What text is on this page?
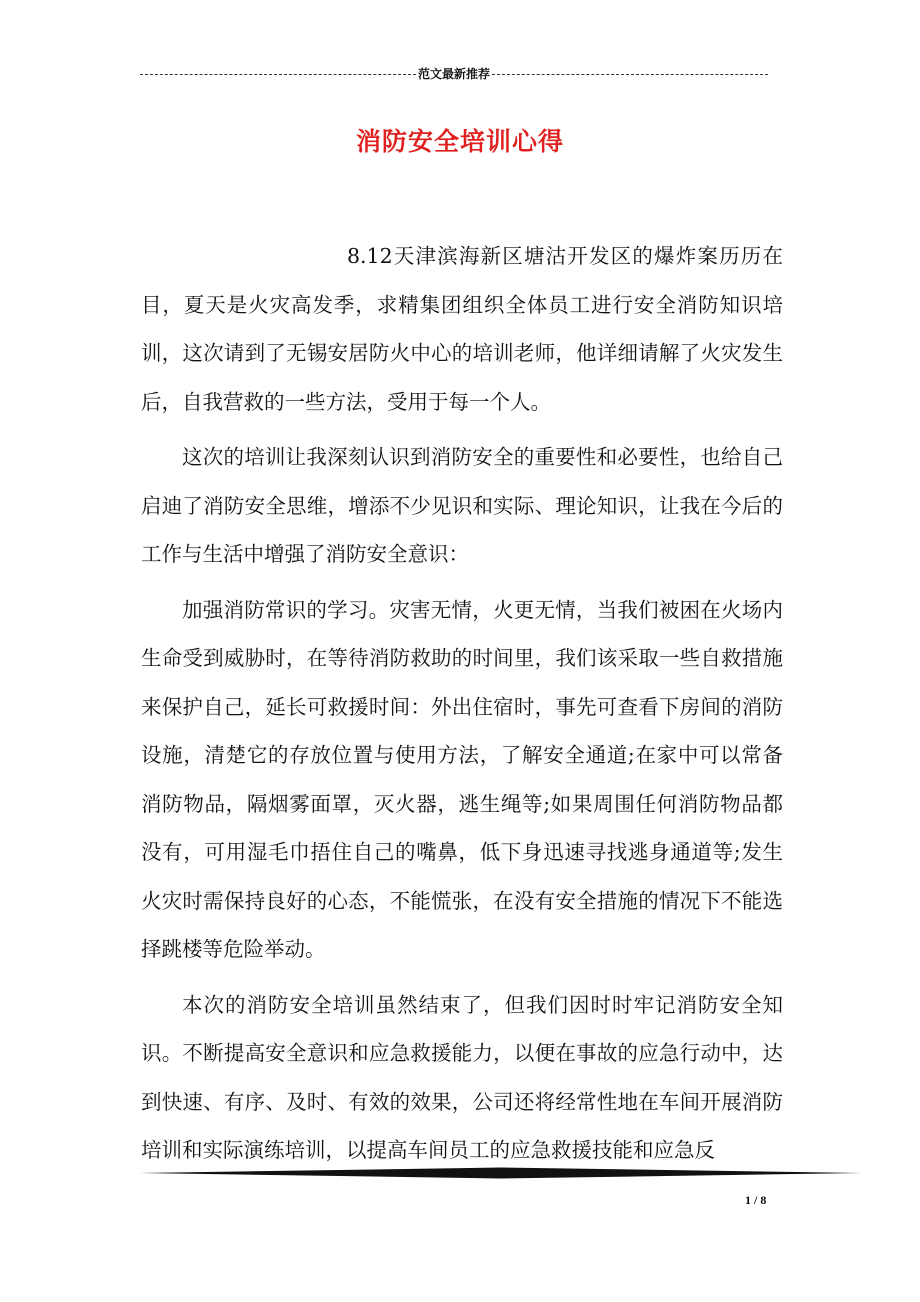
范文最新推荐
消防安全培训心得

8.12天津滨海新区塘沽开发区的爆炸案历历在目，夏天是火灾高发季，求精集团组织全体员工进行安全消防知识培训，这次请到了无锡安居防火中心的培训老师，他详细请解了火灾发生后，自我营救的一些方法，受用于每一个人。

这次的培训让我深刻认识到消防安全的重要性和必要性，也给自己启迪了消防安全思维，增添不少见识和实际、理论知识，让我在今后的工作与生活中增强了消防安全意识：

加强消防常识的学习。灾害无情，火更无情，当我们被困在火场内生命受到威胁时，在等待消防救助的时间里，我们该采取一些自救措施来保护自己，延长可救援时间：外出住宿时，事先可查看下房间的消防设施，清楚它的存放位置与使用方法，了解安全通道;在家中可以常备消防物品，隔烟雾面罩，灭火器，逃生绳等;如果周围任何消防物品都没有，可用湿毛巾捂住自己的嘴鼻，低下身迅速寻找逃身通道等;发生火灾时需保持良好的心态，不能慌张，在没有安全措施的情况下不能选择跳楼等危险举动。

本次的消防安全培训虽然结束了，但我们因时时牢记消防安全知识。不断提高安全意识和应急救援能力，以便在事故的应急行动中，达到快速、有序、及时、有效的效果，公司还将经常性地在车间开展消防培训和实际演练培训，以提高车间员工的应急救援技能和应急反

1 / 8
